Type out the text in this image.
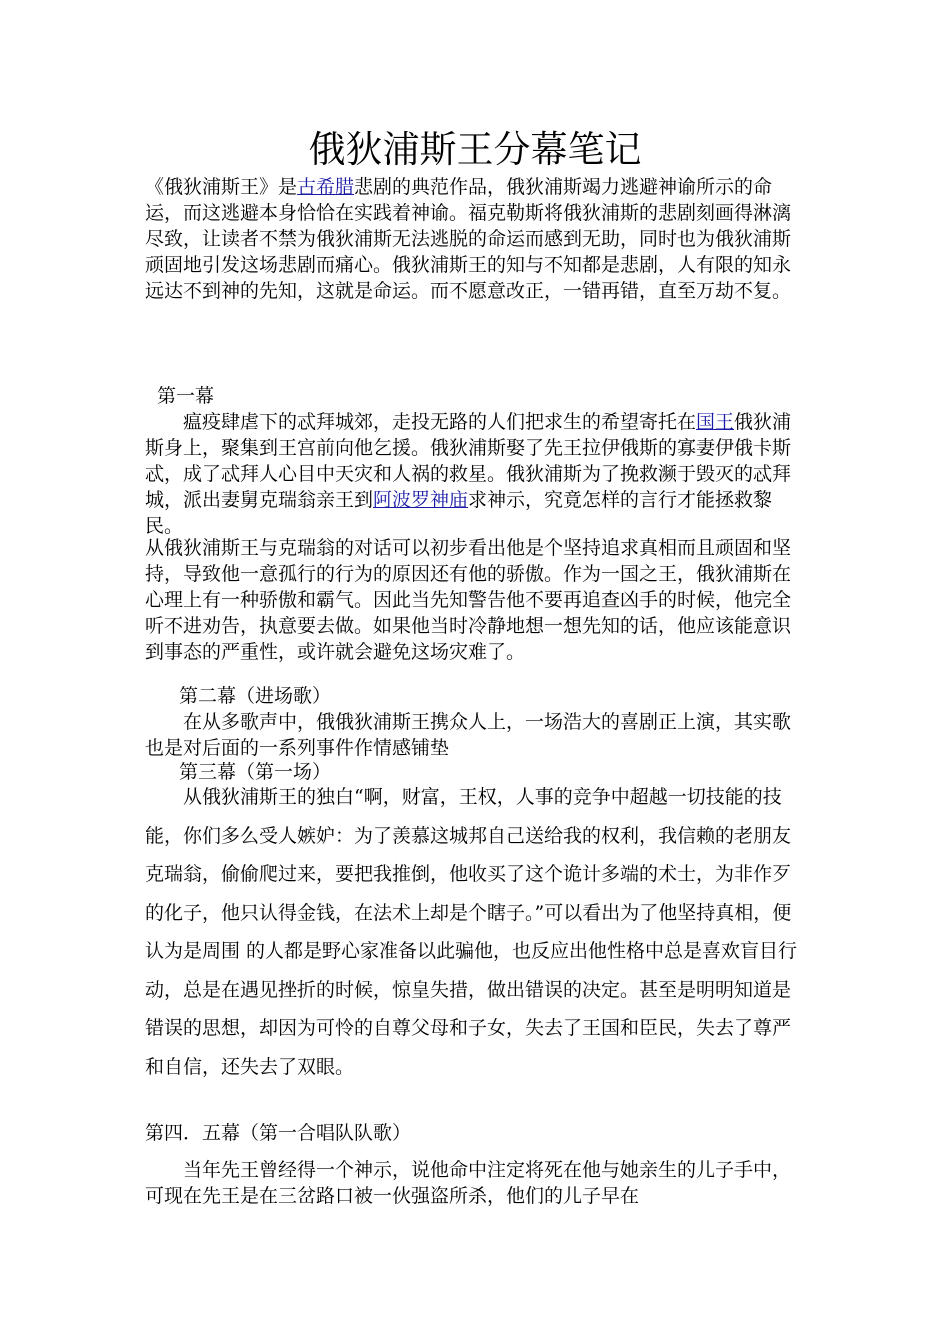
俄狄浦斯王分幕笔记

《俄狄浦斯王》是古希腊悲剧的典范作品，俄狄浦斯竭力逃避神谕所示的命运，而这逃避本身恰恰在实践着神谕。福克勒斯将俄狄浦斯的悲剧刻画得淋漓尽致，让读者不禁为俄狄浦斯无法逃脱的命运而感到无助，同时也为俄狄浦斯顽固地引发这场悲剧而痛心。俄狄浦斯王的知与不知都是悲剧，人有限的知永远达不到神的先知，这就是命运。而不愿意改正，一错再错，直至万劫不复。

第一幕

瘟疫肆虐下的忒拜城郊，走投无路的人们把求生的希望寄托在国王俄狄浦斯身上，聚集到王宫前向他乞援。俄狄浦斯娶了先王拉伊俄斯的寡妻伊俄卡斯忒，成了忒拜人心目中天灾和人祸的救星。俄狄浦斯为了挽救濒于毁灭的忒拜城，派出妻舅克瑞翁亲王到阿波罗神庙求神示，究竟怎样的言行才能拯救黎民。

从俄狄浦斯王与克瑞翁的对话可以初步看出他是个坚持追求真相而且顽固和坚持，导致他一意孤行的行为的原因还有他的骄傲。作为一国之王，俄狄浦斯在心理上有一种骄傲和霸气。因此当先知警告他不要再追查凶手的时候，他完全听不进劝告，执意要去做。如果他当时冷静地想一想先知的话，他应该能意识到事态的严重性，或许就会避免这场灾难了。

第二幕（进场歌）

在从多歌声中，俄俄狄浦斯王携众人上，一场浩大的喜剧正上演，其实歌也是对后面的一系列事件作情感铺垫

第三幕（第一场）

从俄狄浦斯王的独白“啊，财富，王权，人事的竞争中超越一切技能的技能，你们多么受人嫉妒：为了羡慕这城邦自己送给我的权利，我信赖的老朋友克瑞翁，偷偷爬过来，要把我推倒，他收买了这个诡计多端的术士，为非作歹的化子，他只认得金钱，在法术上却是个瞎子。”可以看出为了他坚持真相，便认为是周围 的人都是野心家准备以此骗他，也反应出他性格中总是喜欢盲目行动，总是在遇见挫折的时候，惊皇失措，做出错误的决定。甚至是明明知道是错误的思想，却因为可怜的自尊父母和子女，失去了王国和臣民，失去了尊严和自信，还失去了双眼。

第四．五幕（第一合唱队队歌）

当年先王曾经得一个神示，说他命中注定将死在他与她亲生的儿子手中，可现在先王是在三岔路口被一伙强盗所杀，他们的儿子早在
